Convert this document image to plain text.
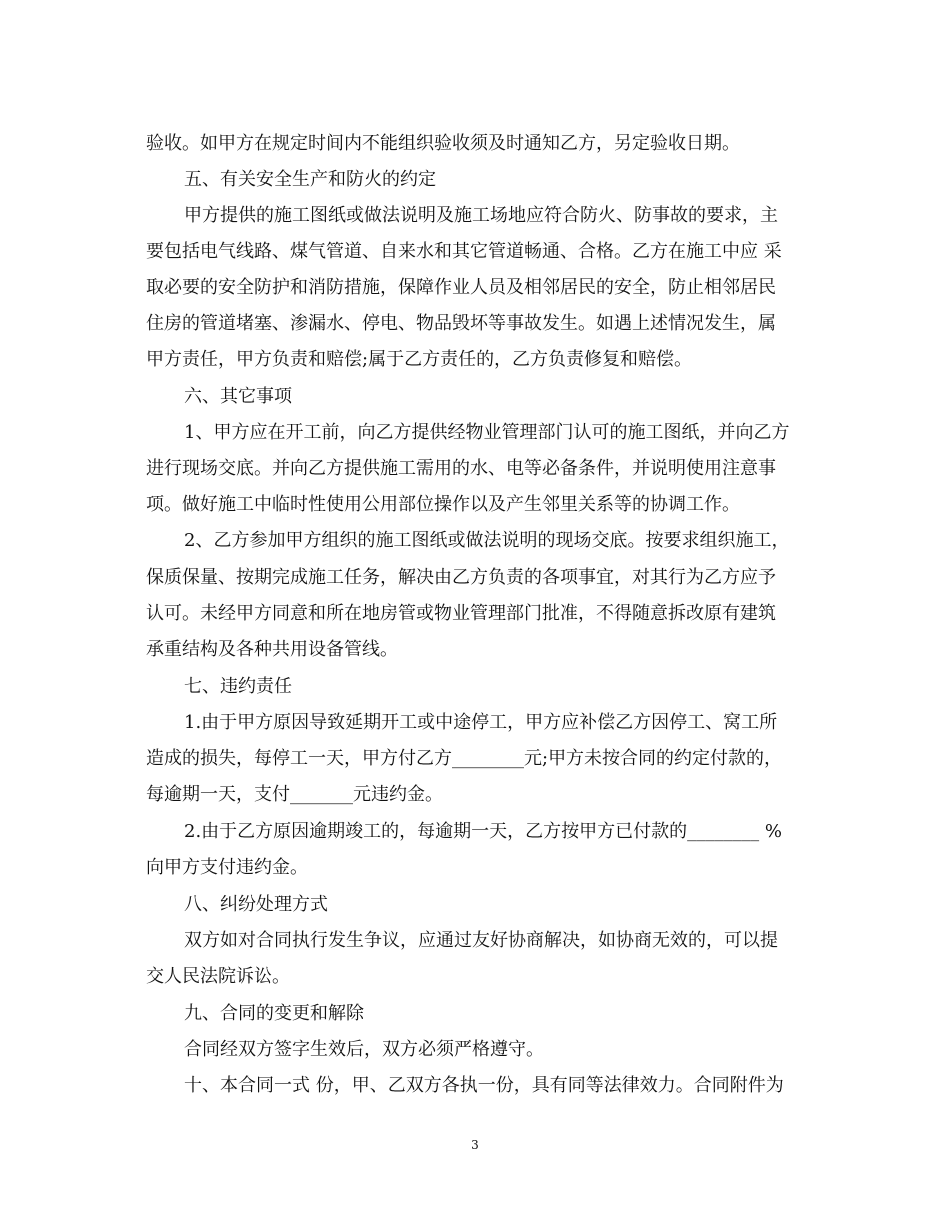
验收。如甲方在规定时间内不能组织验收须及时通知乙方，另定验收日期。
五、有关安全生产和防火的约定
甲方提供的施工图纸或做法说明及施工场地应符合防火、防事故的要求，主
要包括电气线路、煤气管道、自来水和其它管道畅通、合格。乙方在施工中应 采
取必要的安全防护和消防措施，保障作业人员及相邻居民的安全，防止相邻居民
住房的管道堵塞、渗漏水、停电、物品毁坏等事故发生。如遇上述情况发生，属
甲方责任，甲方负责和赔偿;属于乙方责任的，乙方负责修复和赔偿。
六、其它事项
1、甲方应在开工前，向乙方提供经物业管理部门认可的施工图纸，并向乙方
进行现场交底。并向乙方提供施工需用的水、电等必备条件，并说明使用注意事
项。做好施工中临时性使用公用部位操作以及产生邻里关系等的协调工作。
2、乙方参加甲方组织的施工图纸或做法说明的现场交底。按要求组织施工，
保质保量、按期完成施工任务，解决由乙方负责的各项事宜，对其行为乙方应予
认可。未经甲方同意和所在地房管或物业管理部门批准，不得随意拆改原有建筑
承重结构及各种共用设备管线。
七、违约责任
1.由于甲方原因导致延期开工或中途停工，甲方应补偿乙方因停工、窝工所
造成的损失，每停工一天，甲方付乙方________元;甲方未按合同的约定付款的，
每逾期一天，支付_______元违约金。
2.由于乙方原因逾期竣工的，每逾期一天，乙方按甲方已付款的________ %
向甲方支付违约金。
八、纠纷处理方式
双方如对合同执行发生争议，应通过友好协商解决，如协商无效的，可以提
交人民法院诉讼。
九、合同的变更和解除
合同经双方签字生效后，双方必须严格遵守。
十、本合同一式 份，甲、乙双方各执一份，具有同等法律效力。合同附件为
3
